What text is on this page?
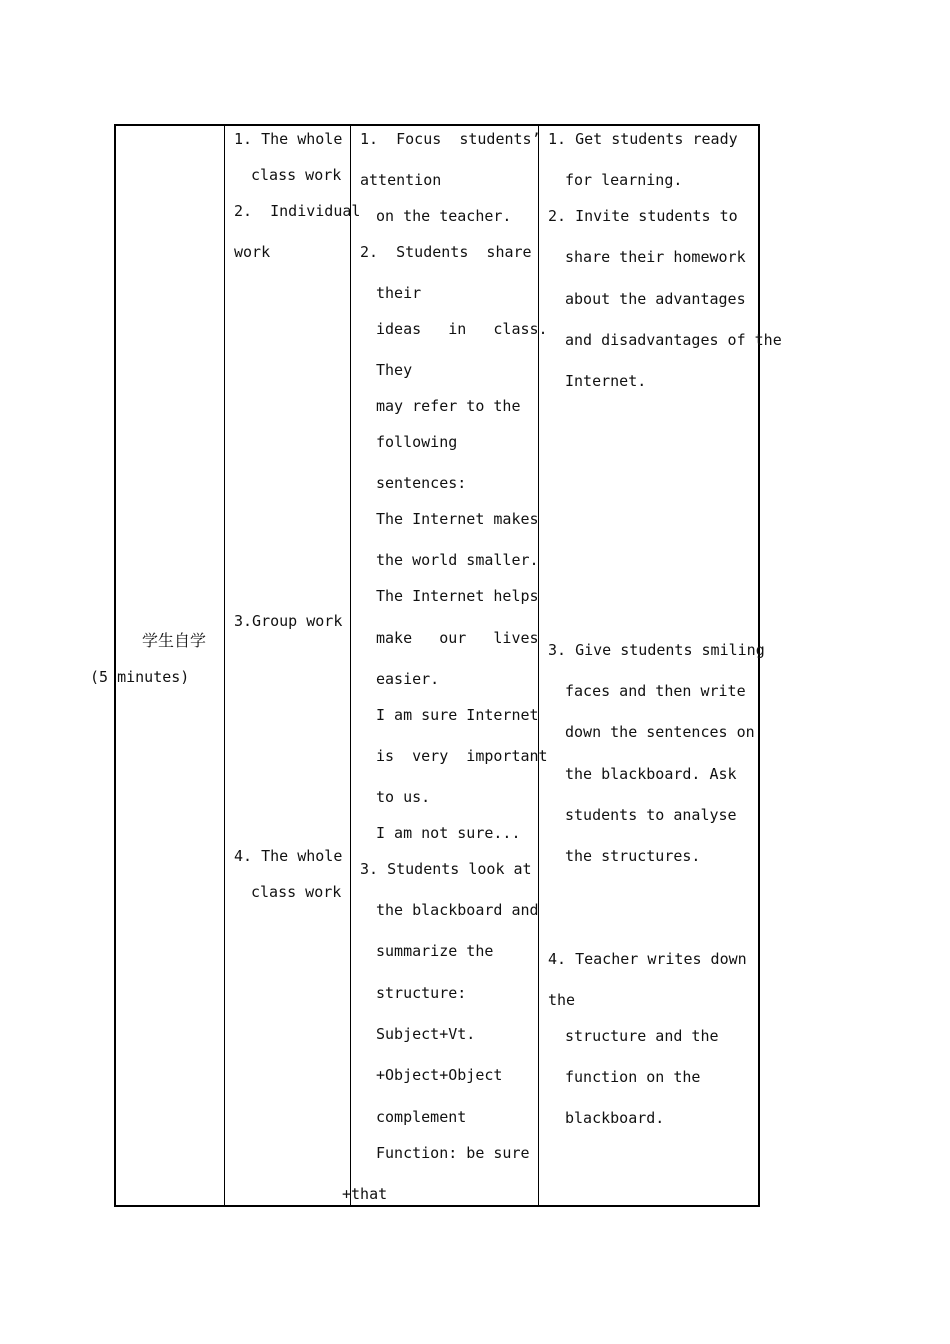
学生自学
(5 minutes)
1. The whole
class work
2.  Individual
work
3.Group work
4. The whole
class work
1.  Focus  students’
attention
on the teacher.
2.  Students  share
their
ideas   in   class.
They
may refer to the
following
sentences:
The Internet makes
the world smaller.
The Internet helps
make   our   lives
easier.
I am sure Internet
is  very  important
to us.
I am not sure...
3. Students look at
the blackboard and
summarize the
structure:
Subject+Vt.
+Object+Object
complement
Function: be sure
+that
1. Get students ready
for learning.
2. Invite students to
share their homework
about the advantages
and disadvantages of the
Internet.
3. Give students smiling
faces and then write
down the sentences on
the blackboard. Ask
students to analyse
the structures.
4. Teacher writes down
the
structure and the
function on the
blackboard.
